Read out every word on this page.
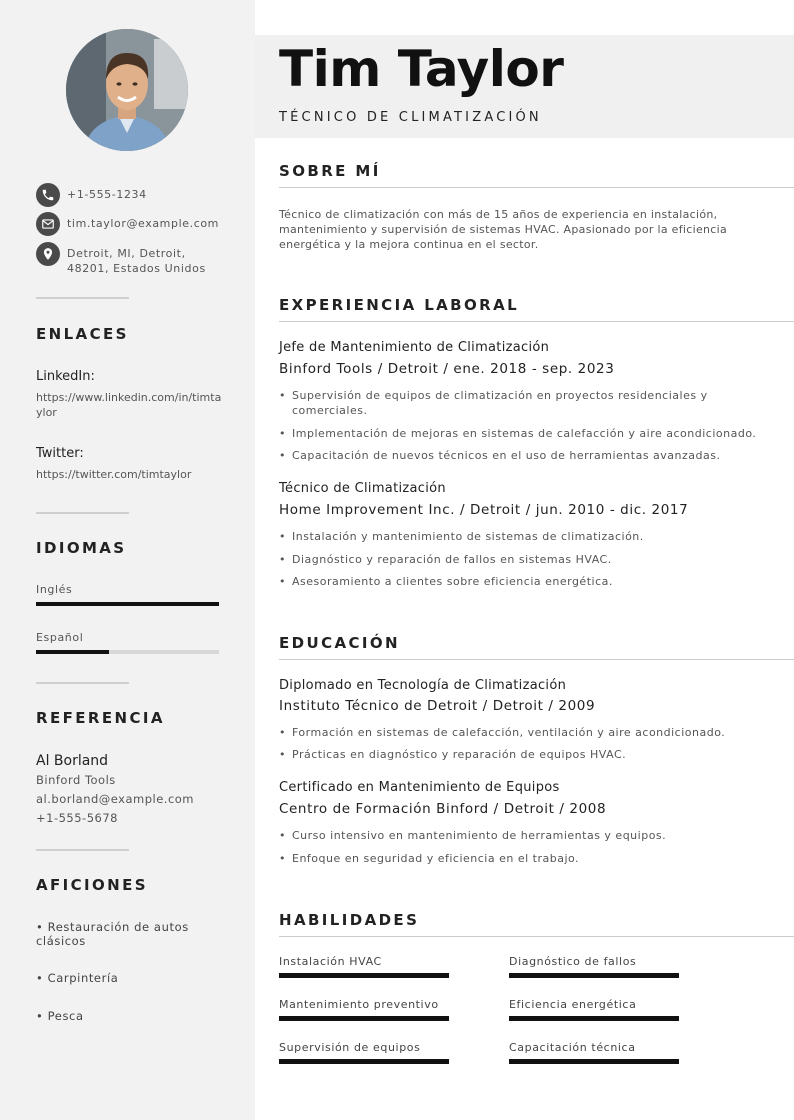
+1-555-1234
tim.taylor@example.com
Detroit, MI, Detroit,
48201, Estados Unidos
ENLACES
LinkedIn:
https://www.linkedin.com/in/timtaylor
Twitter:
https://twitter.com/timtaylor
IDIOMAS
Inglés
Español
REFERENCIA
Al Borland
Binford Tools
al.borland@example.com
+1-555-5678
AFICIONES
• Restauración de autos clásicos
• Carpintería
• Pesca
Tim Taylor
TÉCNICO DE CLIMATIZACIÓN
SOBRE MÍ
Técnico de climatización con más de 15 años de experiencia en instalación, mantenimiento y supervisión de sistemas HVAC. Apasionado por la eficiencia energética y la mejora continua en el sector.
EXPERIENCIA LABORAL
Jefe de Mantenimiento de Climatización
Binford Tools / Detroit / ene. 2018 - sep. 2023
• Supervisión de equipos de climatización en proyectos residenciales y comerciales.
• Implementación de mejoras en sistemas de calefacción y aire acondicionado.
• Capacitación de nuevos técnicos en el uso de herramientas avanzadas.
Técnico de Climatización
Home Improvement Inc. / Detroit / jun. 2010 - dic. 2017
• Instalación y mantenimiento de sistemas de climatización.
• Diagnóstico y reparación de fallos en sistemas HVAC.
• Asesoramiento a clientes sobre eficiencia energética.
EDUCACIÓN
Diplomado en Tecnología de Climatización
Instituto Técnico de Detroit / Detroit / 2009
• Formación en sistemas de calefacción, ventilación y aire acondicionado.
• Prácticas en diagnóstico y reparación de equipos HVAC.
Certificado en Mantenimiento de Equipos
Centro de Formación Binford / Detroit / 2008
• Curso intensivo en mantenimiento de herramientas y equipos.
• Enfoque en seguridad y eficiencia en el trabajo.
HABILIDADES
Instalación HVAC	Diagnóstico de fallos
Mantenimiento preventivo	Eficiencia energética
Supervisión de equipos	Capacitación técnica
